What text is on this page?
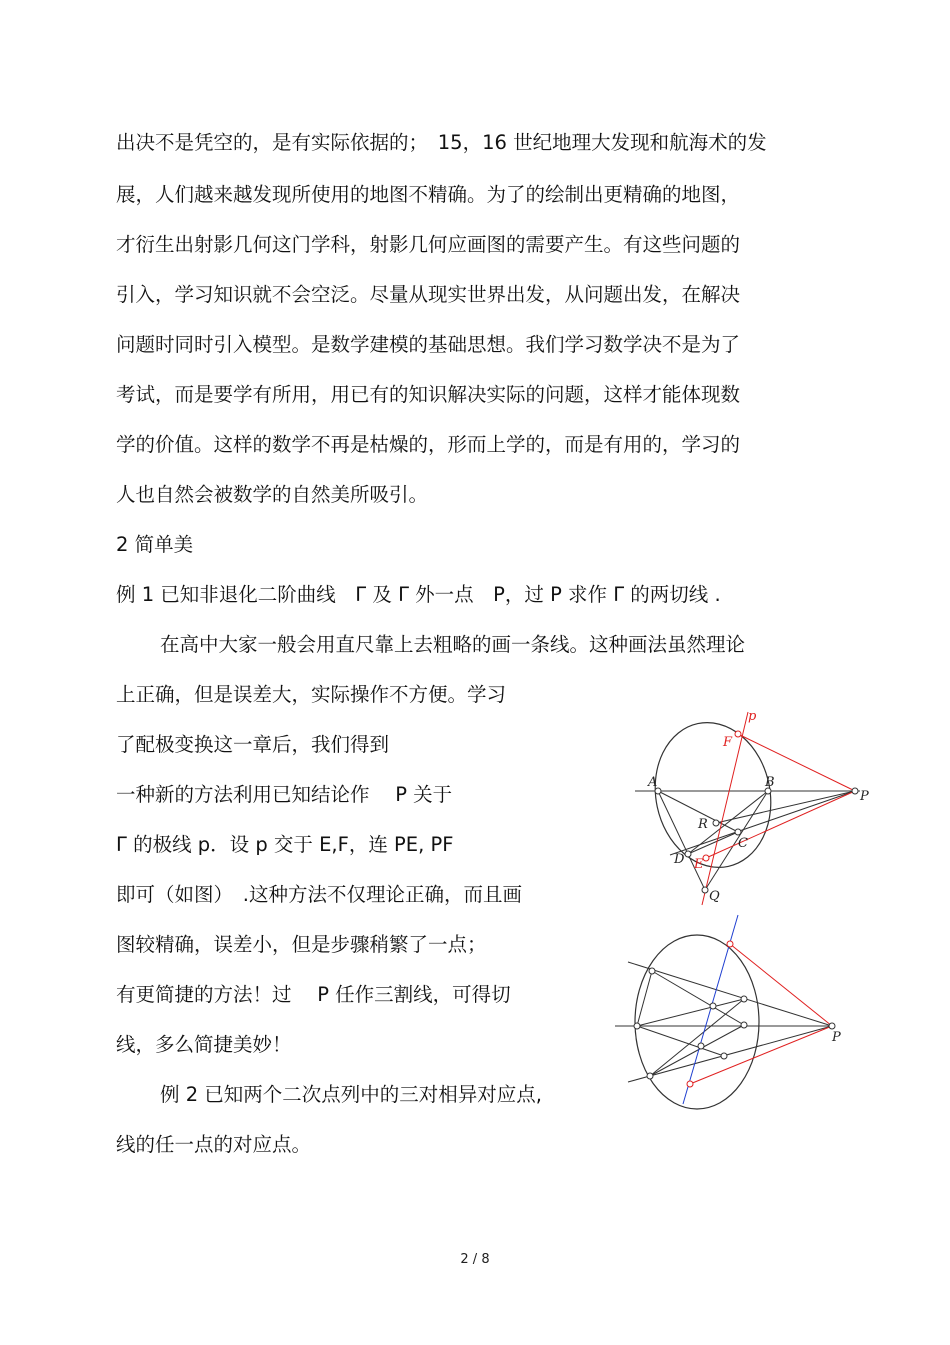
出决不是凭空的，是有实际依据的；　15，16 世纪地理大发现和航海术的发
展，人们越来越发现所使用的地图不精确。为了的绘制出更精确的地图，
才衍生出射影几何这门学科，射影几何应画图的需要产生。有这些问题的
引入，学习知识就不会空泛。尽量从现实世界出发，从问题出发，在解决
问题时同时引入模型。是数学建模的基础思想。我们学习数学决不是为了
考试，而是要学有所用，用已有的知识解决实际的问题，这样才能体现数
学的价值。这样的数学不再是枯燥的，形而上学的，而是有用的，学习的
人也自然会被数学的自然美所吸引。
2 简单美
例 1 已知非退化二阶曲线　Γ 及 Γ 外一点　P，过 P 求作 Γ 的两切线 .
在高中大家一般会用直尺靠上去粗略的画一条线。这种画法虽然理论
上正确，但是误差大，实际操作不方便。学习
了配极变换这一章后，我们得到
一种新的方法利用已知结论作　 P 关于
Γ 的极线 p．设 p 交于 E,F，连 PE, PF
即可（如图）　.这种方法不仅理论正确，而且画
图较精确，误差小，但是步骤稍繁了一点；
有更简捷的方法！过　 P 任作三割线，可得切
线，多么简捷美妙！
例 2 已知两个二次点列中的三对相异对应点,
线的任一点的对应点。
p
F
A	B
P
R
C
D E
Q
P
2 / 8
